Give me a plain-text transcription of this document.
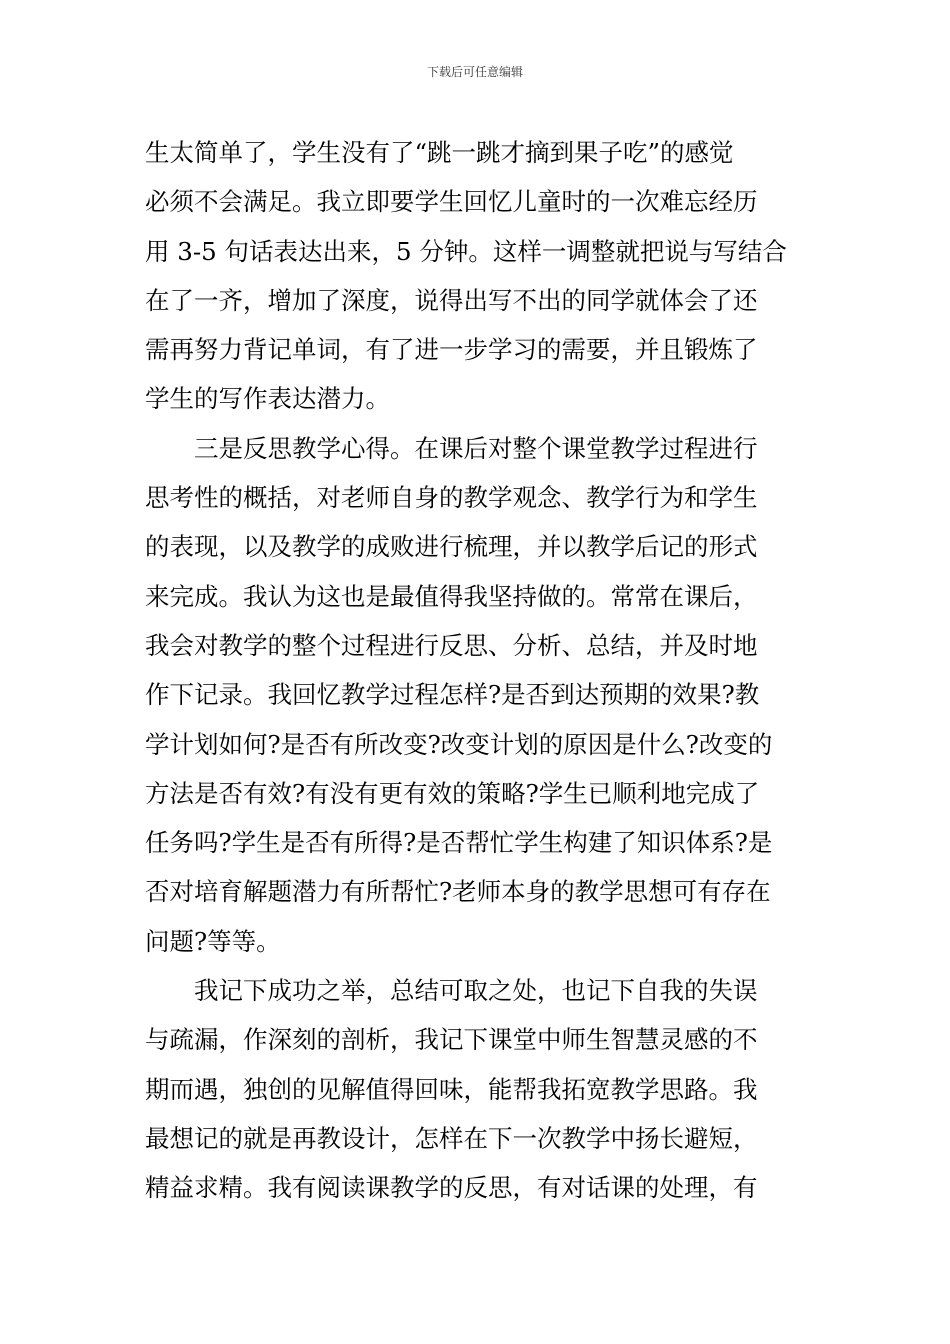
下载后可任意编辑
生太简单了，学生没有了“跳一跳才摘到果子吃”的感觉
必须不会满足。我立即要学生回忆儿童时的一次难忘经历
用 3-5 句话表达出来，5 分钟。这样一调整就把说与写结合
在了一齐，增加了深度，说得出写不出的同学就体会了还
需再努力背记单词，有了进一步学习的需要，并且锻炼了
学生的写作表达潜力。
　　三是反思教学心得。在课后对整个课堂教学过程进行
思考性的概括，对老师自身的教学观念、教学行为和学生
的表现，以及教学的成败进行梳理，并以教学后记的形式
来完成。我认为这也是最值得我坚持做的。常常在课后，
我会对教学的整个过程进行反思、分析、总结，并及时地
作下记录。我回忆教学过程怎样?是否到达预期的效果?教
学计划如何?是否有所改变?改变计划的原因是什么?改变的
方法是否有效?有没有更有效的策略?学生已顺利地完成了
任务吗?学生是否有所得?是否帮忙学生构建了知识体系?是
否对培育解题潜力有所帮忙?老师本身的教学思想可有存在
问题?等等。
　　我记下成功之举，总结可取之处，也记下自我的失误
与疏漏，作深刻的剖析，我记下课堂中师生智慧灵感的不
期而遇，独创的见解值得回味，能帮我拓宽教学思路。我
最想记的就是再教设计，怎样在下一次教学中扬长避短，
精益求精。我有阅读课教学的反思，有对话课的处理，有
